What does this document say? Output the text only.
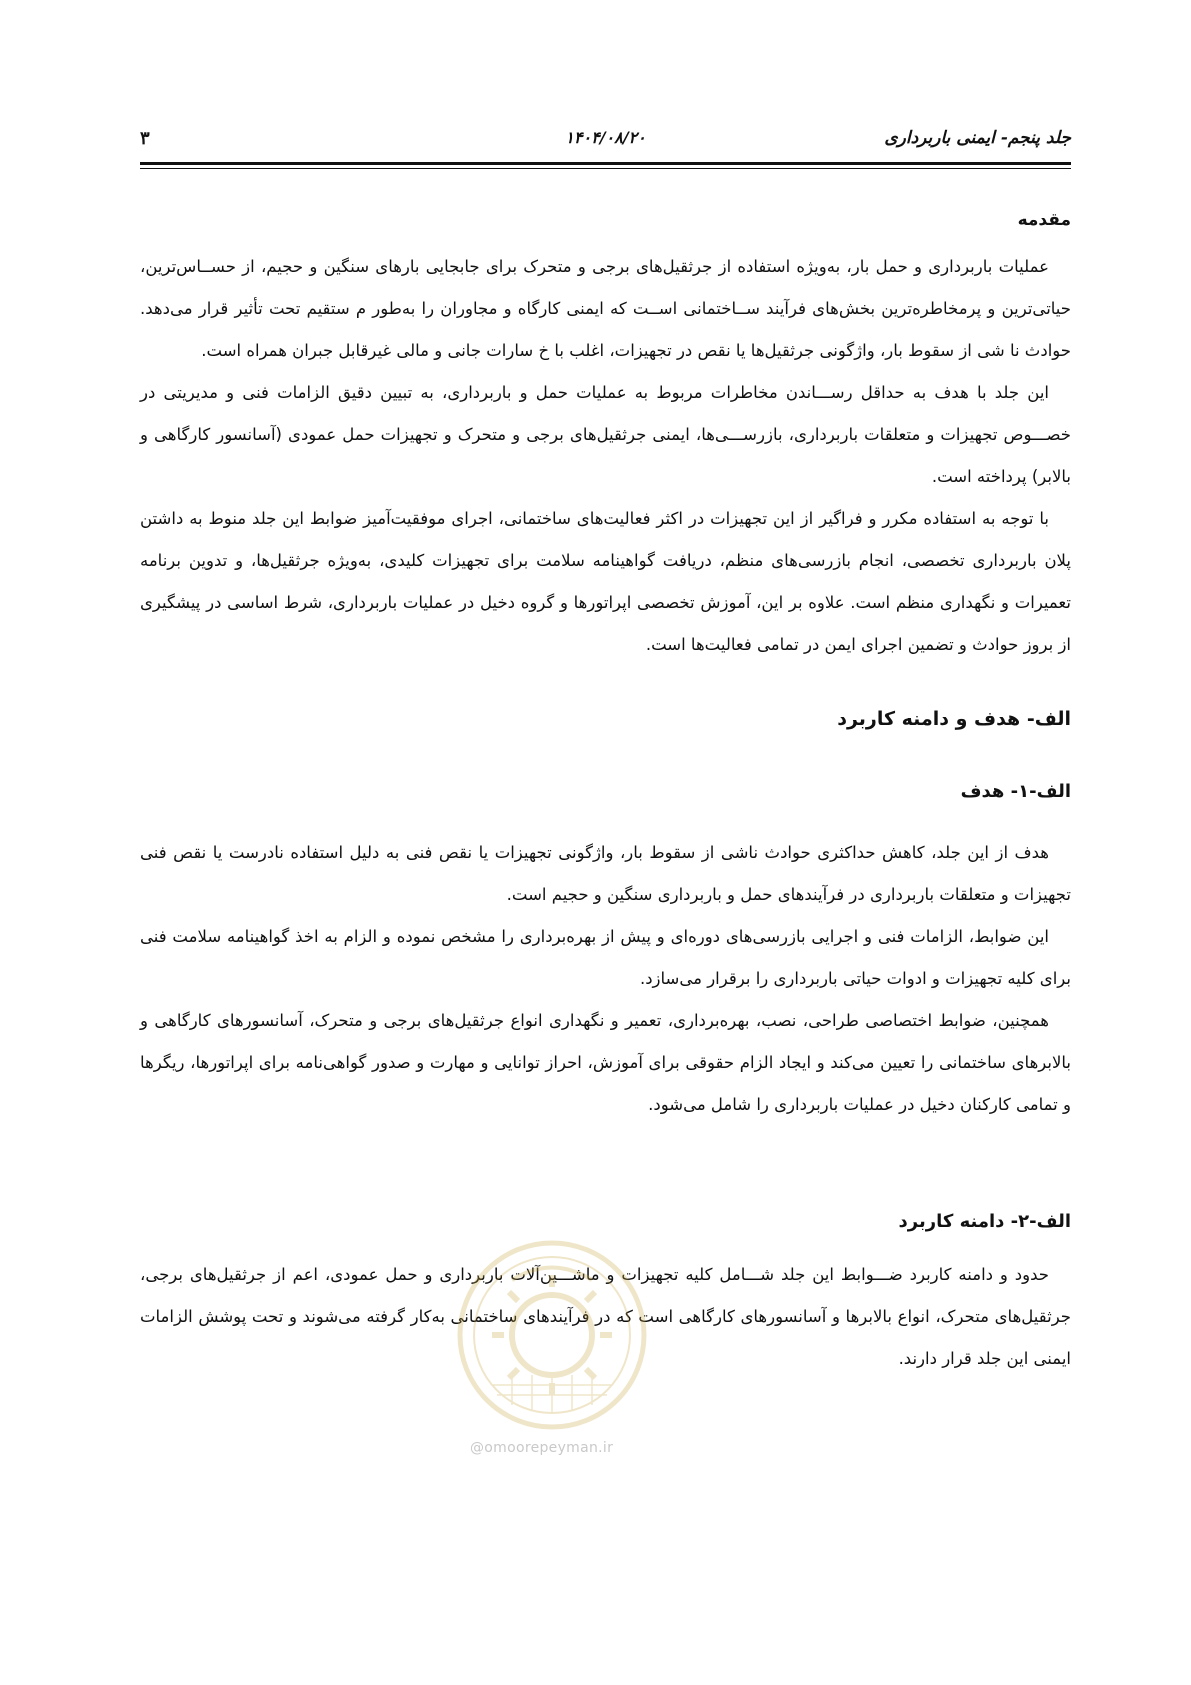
جلد پنجم- ایمنی باربرداری
۱۴۰۴/۰۸/۲۰
۳
مقدمه

عملیات باربرداری و حمل بار، به‌ویژه استفاده از جرثقیل‌های برجی و متحرک برای جابجایی بارهای سنگین و حجیم، از حســاس‌ترین، حیاتی‌ترین و پرمخاطره‌ترین بخش‌های فرآیند ســاختمانی اســت که ایمنی کارگاه و مجاوران را به‌طور م ستقیم تحت تأثیر قرار می‌دهد. حوادث نا شی از سقوط بار، واژگونی جرثقیل‌ها یا نقص در تجهیزات، اغلب با خ سارات جانی و مالی غیرقابل جبران همراه است.

این جلد با هدف به حداقل رســـاندن مخاطرات مربوط به عملیات حمل و باربرداری، به تبیین دقیق الزامات فنی و مدیریتی در خصـــوص تجهیزات و متعلقات باربرداری، بازرســـی‌ها، ایمنی جرثقیل‌های برجی و متحرک و تجهیزات حمل عمودی (آسانسور کارگاهی و بالابر) پرداخته است.

با توجه به استفاده مکرر و فراگیر از این تجهیزات در اکثر فعالیت‌های ساختمانی، اجرای موفقیت‌آمیز ضوابط این جلد منوط به داشتن پلان باربرداری تخصصی، انجام بازرسی‌های منظم، دریافت گواهینامه سلامت برای تجهیزات کلیدی، به‌ویژه جرثقیل‌ها، و تدوین برنامه تعمیرات و نگهداری منظم است. علاوه بر این، آموزش تخصصی اپراتورها و گروه دخیل در عملیات باربرداری، شرط اساسی در پیشگیری از بروز حوادث و تضمین اجرای ایمن در تمامی فعالیت‌ها است.

الف- هدف و دامنه کاربرد
الف-۱- هدف

هدف از این جلد، کاهش حداکثری حوادث ناشی از سقوط بار، واژگونی تجهیزات یا نقص فنی به دلیل استفاده نادرست یا نقص فنی تجهیزات و متعلقات باربرداری در فرآیندهای حمل و باربرداری سنگین و حجیم است.

این ضوابط، الزامات فنی و اجرایی بازرسی‌های دوره‌ای و پیش از بهره‌برداری را مشخص نموده و الزام به اخذ گواهینامه سلامت فنی برای کلیه تجهیزات و ادوات حیاتی باربرداری را برقرار می‌سازد.

همچنین، ضوابط اختصاصی طراحی، نصب، بهره‌برداری، تعمیر و نگهداری انواع جرثقیل‌های برجی و متحرک، آسانسورهای کارگاهی و بالابرهای ساختمانی را تعیین می‌کند و ایجاد الزام حقوقی برای آموزش، احراز توانایی و مهارت و صدور گواهی‌نامه برای اپراتورها، ریگرها و تمامی کارکنان دخیل در عملیات باربرداری را شامل می‌شود.

الف-۲- دامنه کاربرد

حدود و دامنه کاربرد ضـــوابط این جلد شـــامل کلیه تجهیزات و ماشـــین‌آلات باربرداری و حمل عمودی، اعم از جرثقیل‌های برجی، جرثقیل‌های متحرک، انواع بالابرها و آسانسورهای کارگاهی است که در فرآیندهای ساختمانی به‌کار گرفته می‌شوند و تحت پوشش الزامات ایمنی این جلد قرار دارند.

@omoorepeyman.ir
